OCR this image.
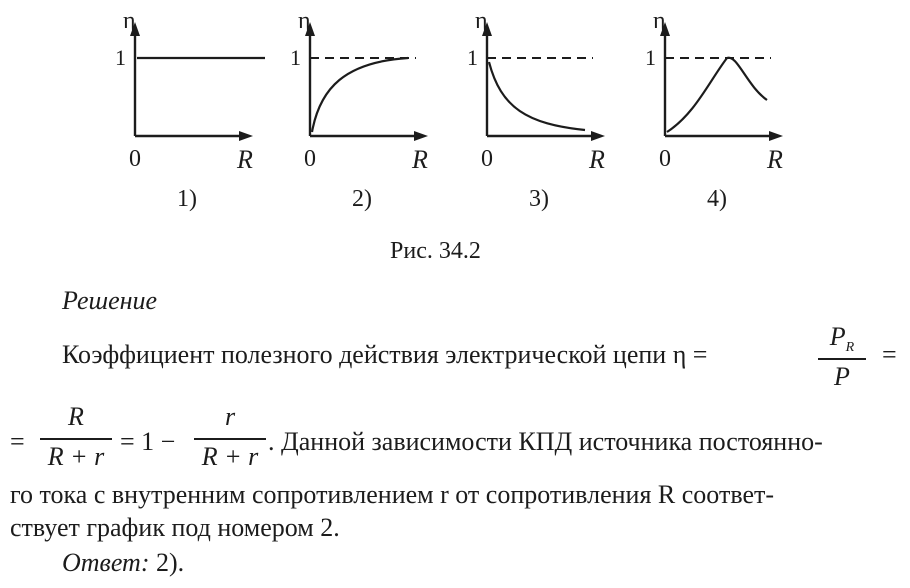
η
1
0	R
1)
η
1
0	R
2)
η
1
0	R
3)
η
1
0	R
4)
Рис. 34.2
Решение
Коэффициент полезного действия электрической цепи η =
$P_R$
P
=
=
R
R + r
= 1 −
r
R + r
. Данной зависимости КПД источника постоянно-
го тока с внутренним сопротивлением r от сопротивления R соответ-
ствует график под номером 2.
Ответ: 2).
